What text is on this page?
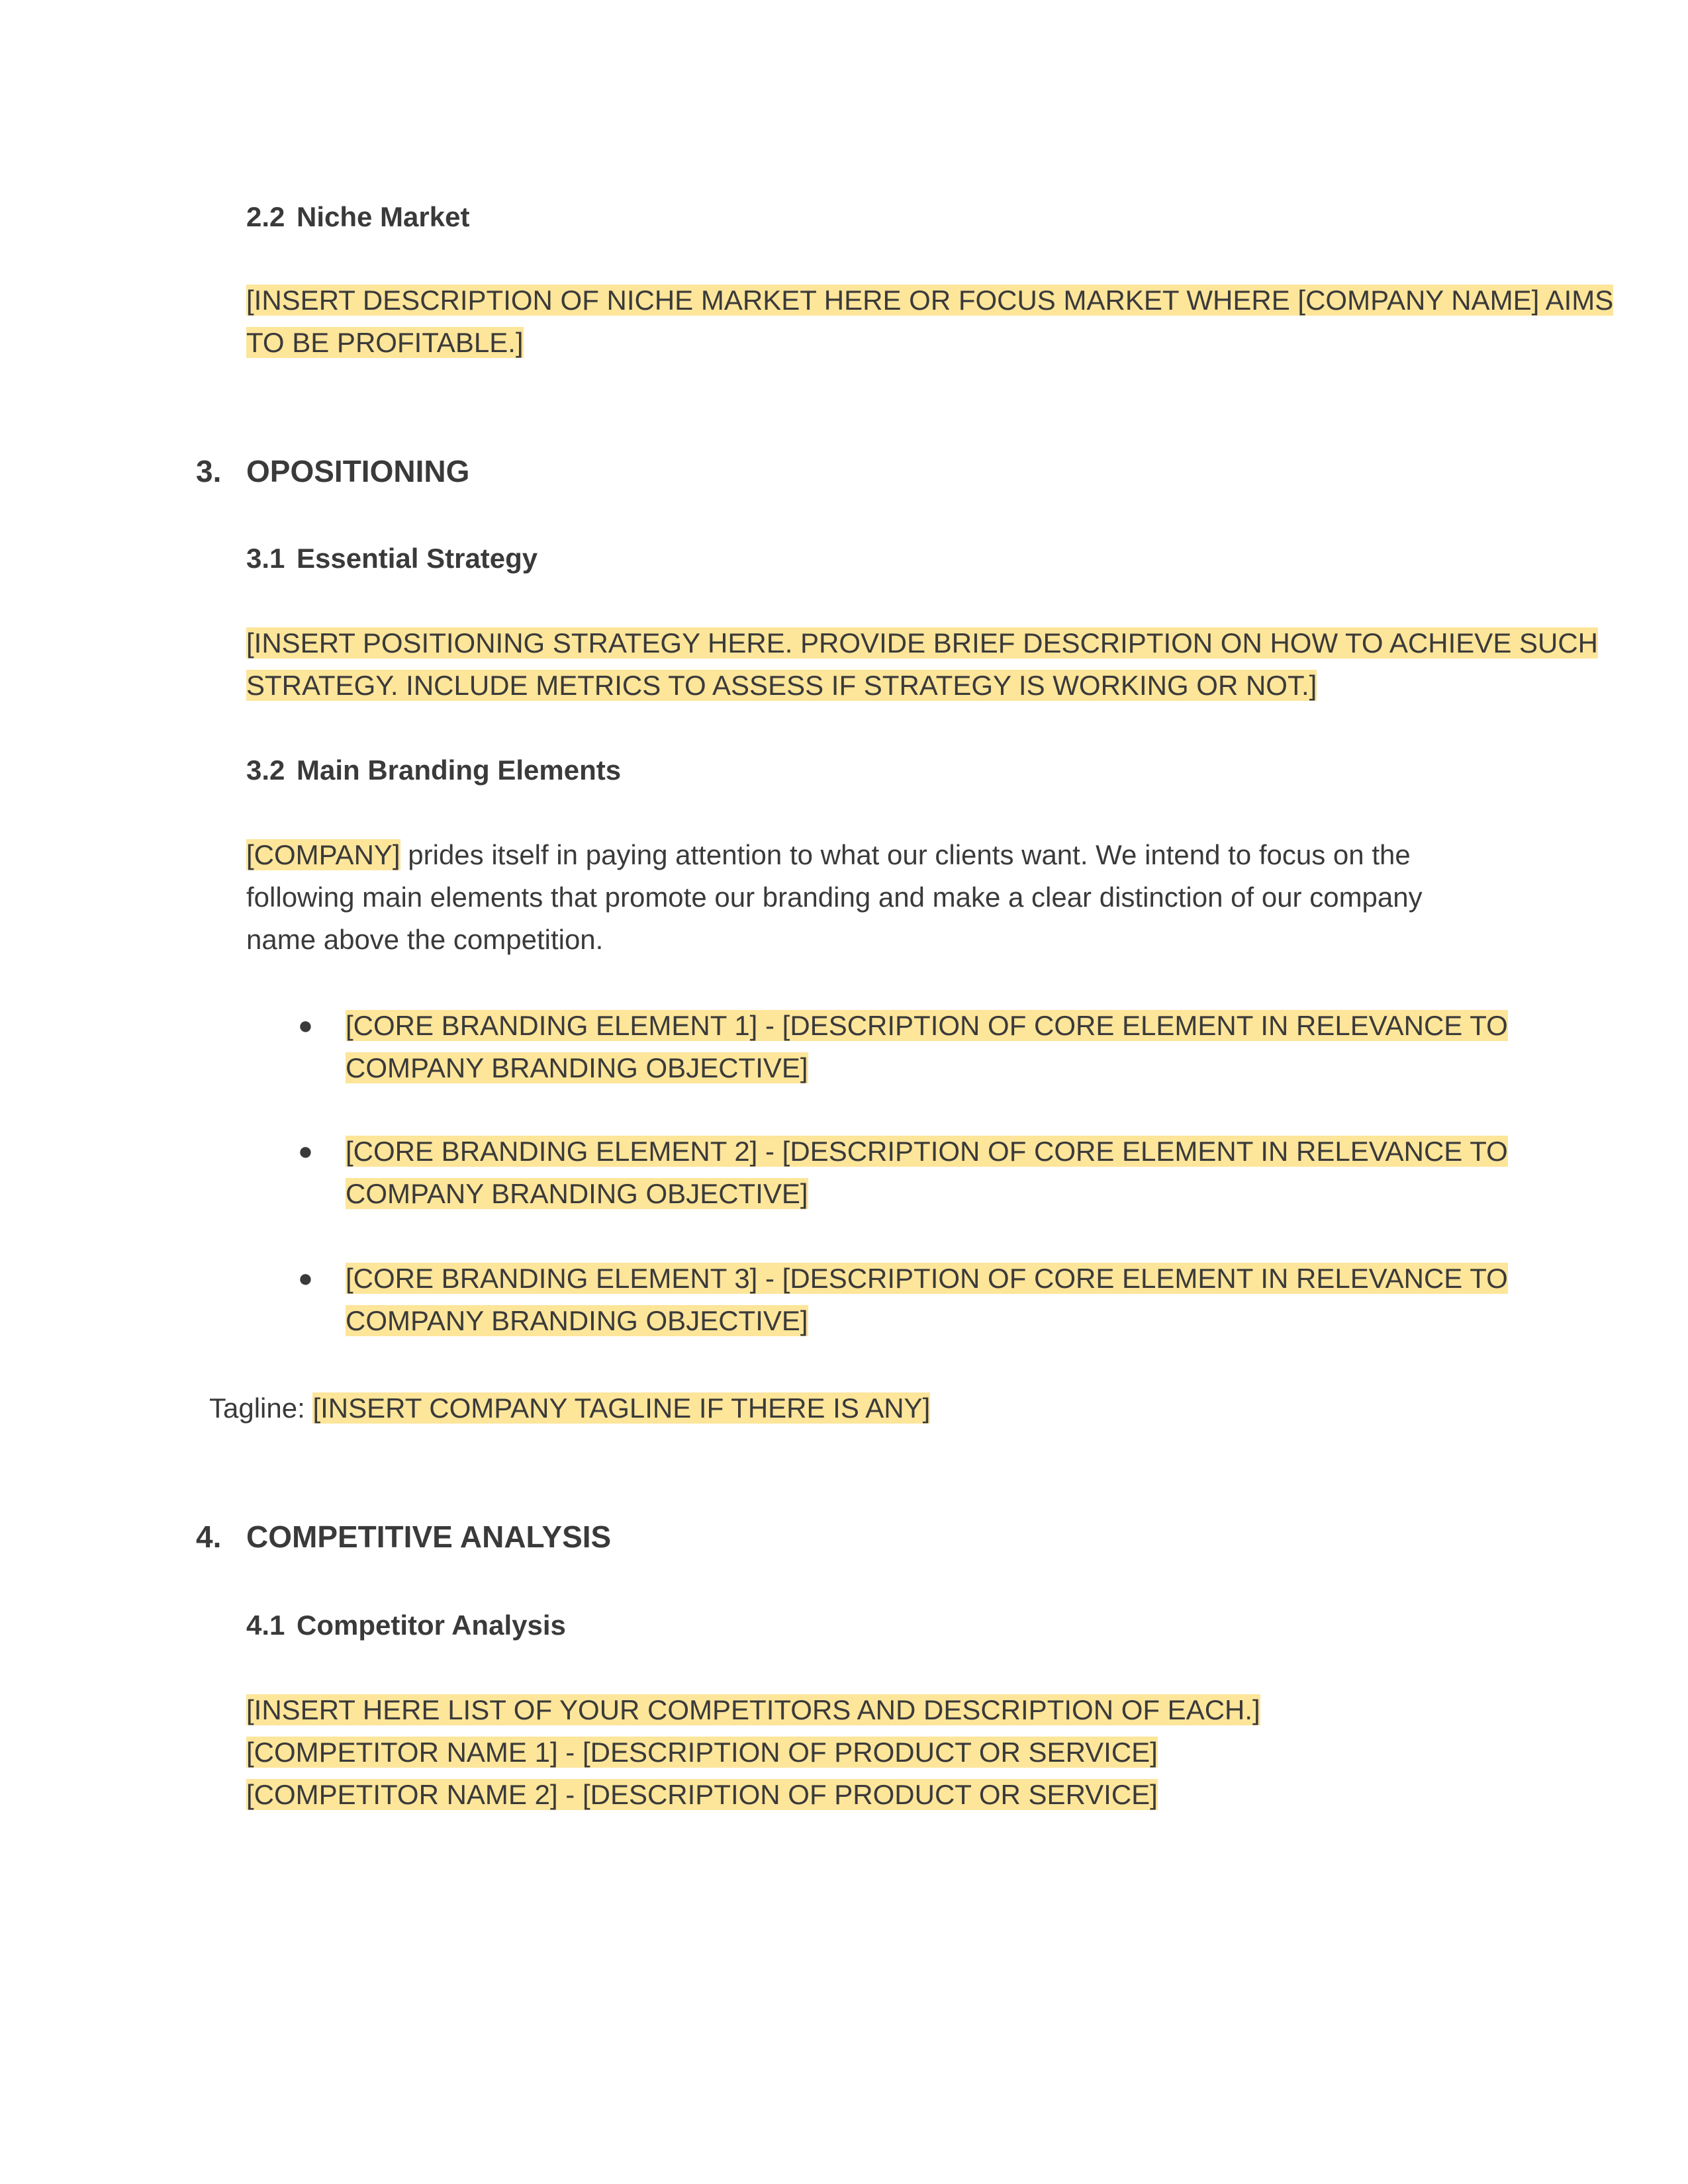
2.2 Niche Market
[INSERT DESCRIPTION OF NICHE MARKET HERE OR FOCUS MARKET WHERE [COMPANY NAME] AIMS
TO BE PROFITABLE.]
3. OPOSITIONING
3.1 Essential Strategy
[INSERT POSITIONING STRATEGY HERE. PROVIDE BRIEF DESCRIPTION ON HOW TO ACHIEVE SUCH
STRATEGY. INCLUDE METRICS TO ASSESS IF STRATEGY IS WORKING OR NOT.]
3.2 Main Branding Elements
[COMPANY] prides itself in paying attention to what our clients want. We intend to focus on the
following main elements that promote our branding and make a clear distinction of our company
name above the competition.
● [CORE BRANDING ELEMENT 1] - [DESCRIPTION OF CORE ELEMENT IN RELEVANCE TO
COMPANY BRANDING OBJECTIVE]
● [CORE BRANDING ELEMENT 2] - [DESCRIPTION OF CORE ELEMENT IN RELEVANCE TO
COMPANY BRANDING OBJECTIVE]
● [CORE BRANDING ELEMENT 3] - [DESCRIPTION OF CORE ELEMENT IN RELEVANCE TO
COMPANY BRANDING OBJECTIVE]
Tagline: [INSERT COMPANY TAGLINE IF THERE IS ANY]
4. COMPETITIVE ANALYSIS
4.1 Competitor Analysis
[INSERT HERE LIST OF YOUR COMPETITORS AND DESCRIPTION OF EACH.]
[COMPETITOR NAME 1] - [DESCRIPTION OF PRODUCT OR SERVICE]
[COMPETITOR NAME 2] - [DESCRIPTION OF PRODUCT OR SERVICE]
